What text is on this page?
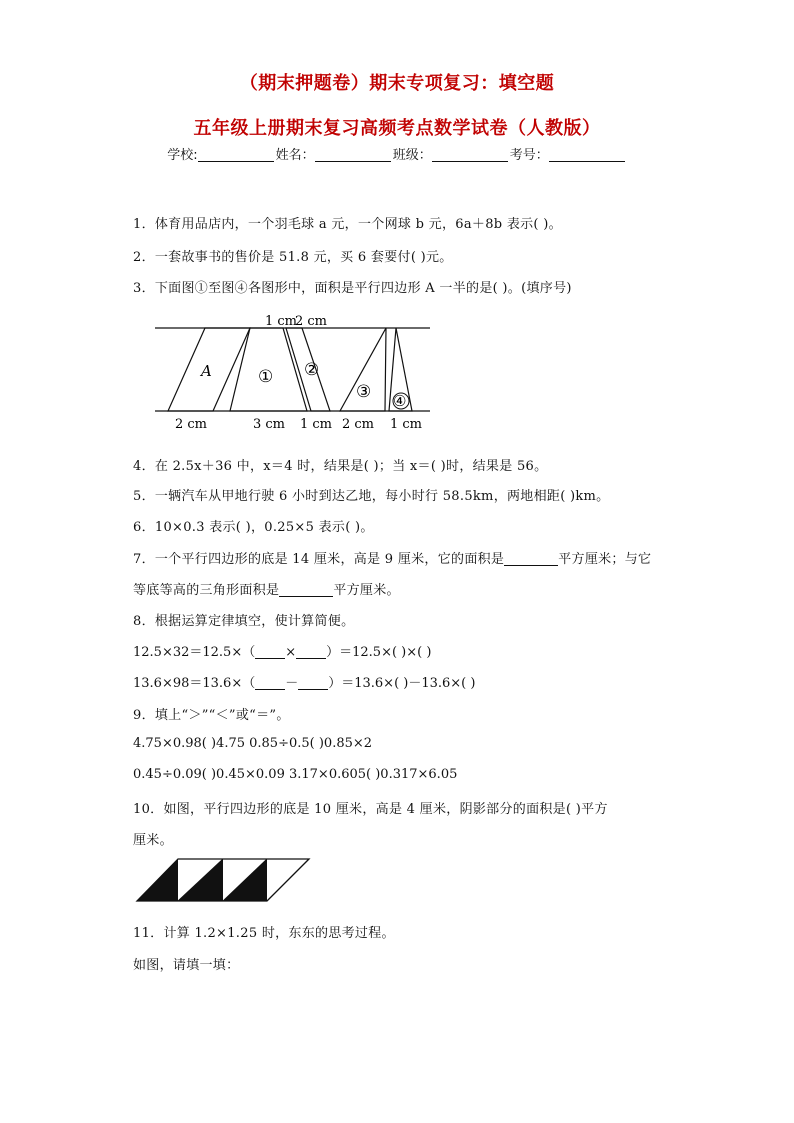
（期末押题卷）期末专项复习：填空题
五年级上册期末复习高频考点数学试卷（人教版）
学校:	姓名：	班级：	考号：
1．体育用品店内，一个羽毛球 a 元，一个网球 b 元，6a＋8b 表示( )。
2．一套故事书的售价是 51.8 元，买 6 套要付( )元。
3．下面图①至图④各图形中，面积是平行四边形 A 一半的是( )。(填序号)
1 cm
2 cm
2 cm	3 cm 1 cm 2 cm 1 cm
A	① ②
③ ④
4．在 2.5x＋36 中，x＝4 时，结果是( )；当 x＝( )时，结果是 56。
5．一辆汽车从甲地行驶 6 小时到达乙地，每小时行 58.5km，两地相距( )km。
6．10×0.3 表示( )，0.25×5 表示( )。
7．一个平行四边形的底是 14 厘米，高是 9 厘米，它的面积是	平方厘米；与它
等底等高的三角形面积是	平方厘米。
8．根据运算定律填空，使计算简便。
12.5×32＝12.5×（ × ）＝12.5×( )×( )
13.6×98＝13.6×（ － ）＝13.6×( )－13.6×( )
9．填上“＞”“＜”或“＝”。
4.75×0.98( )4.75 0.85÷0.5( )0.85×2
0.45÷0.09( )0.45×0.09 3.17×0.605( )0.317×6.05
10．如图，平行四边形的底是 10 厘米，高是 4 厘米，阴影部分的面积是( )平方
厘米。
11．计算 1.2×1.25 时，东东的思考过程。
如图，请填一填：
